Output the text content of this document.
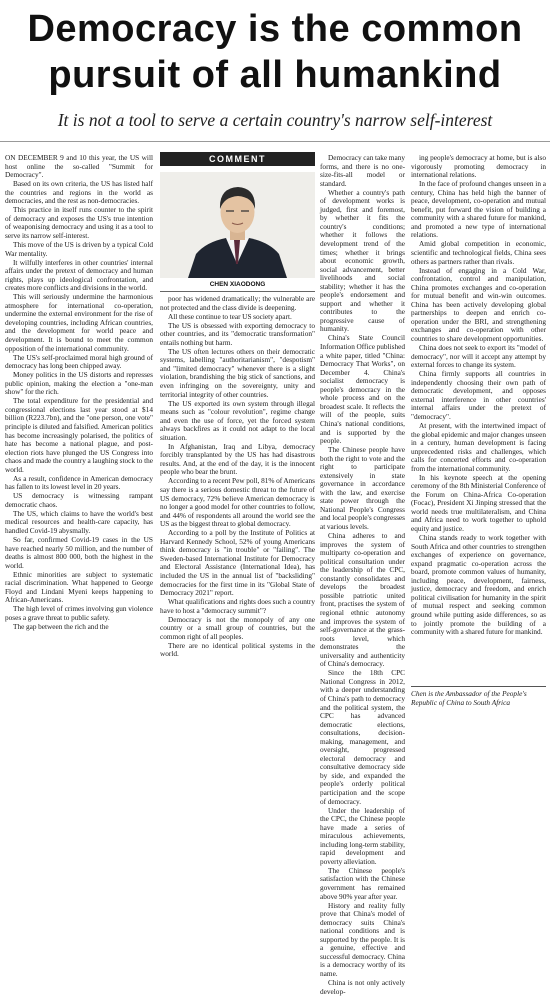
Democracy is the common
pursuit of all humankind
It is not a tool to serve a certain country's narrow self-interest

ON DECEMBER 9 and 10 this year, the US will host online the so-called "Summit for Democracy".

Based on its own criteria, the US has listed half the countries and regions in the world as democracies, and the rest as non-democracies.

This practice in itself runs counter to the spirit of democracy and exposes the US's true intention of weaponising democracy and using it as a tool to serve its narrow self-interest.

This move of the US is driven by a typical Cold War mentality.

It wilfully interferes in other countries' internal affairs under the pretext of democracy and human rights, plays up ideological confrontation, and creates more conflicts and divisions in the world.

This will seriously undermine the harmonious atmosphere for international co-operation, undermine the external environment for the rise of developing countries, including African countries, and the development for world peace and development. It is bound to meet the common opposition of the international community.

The US's self-proclaimed moral high ground of democracy has long been chipped away.

Money politics in the US distorts and represses public opinion, making the election a "one-man show" for the rich.

The total expenditure for the presidential and congressional elections last year stood at $14 billion (R223.7bn), and the "one person, one vote" principle is diluted and falsified. American politics has become increasingly polarised, the politics of hate has become a national plague, and post-election riots have plunged the US Congress into chaos and made the country a laughing stock to the world.

As a result, confidence in American democracy has fallen to its lowest level in 20 years.

US democracy is witnessing rampant democratic chaos.

The US, which claims to have the world's best medical resources and health-care capacity, has handled Covid-19 abysmally.

So far, confirmed Covid-19 cases in the US have reached nearly 50 million, and the number of deaths is almost 800 000, both the highest in the world.

Ethnic minorities are subject to systematic racial discrimination. What happened to George Floyd and Lindani Myeni keeps happening to African-Americans.

The high level of crimes involving gun violence poses a grave threat to public safety.

The gap between the rich and the

COMMENT
CHEN XIAODONG

poor has widened dramatically; the vulnerable are not protected and the class divide is deepening.

All these continue to tear US society apart.

The US is obsessed with exporting democracy to other countries, and its "democratic transformation" entails nothing but harm.

The US often lectures others on their democratic systems, labelling "authoritarianism", "despotism" and "limited democracy" whenever there is a slight violation, brandishing the big stick of sanctions, and even infringing on the sovereignty, unity and territorial integrity of other countries.

The US exported its own system through illegal means such as "colour revolution", regime change and even the use of force, yet the forced system always backfires as it could not adapt to the local situation.

In Afghanistan, Iraq and Libya, democracy forcibly transplanted by the US has had disastrous results. And, at the end of the day, it is the innocent people who bear the brunt.

According to a recent Pew poll, 81% of Americans say there is a serious domestic threat to the future of US democracy, 72% believe American democracy is no longer a good model for other countries to follow, and 44% of respondents all around the world see the US as the biggest threat to global democracy.

According to a poll by the Institute of Politics at Harvard Kennedy School, 52% of young Americans think democracy is "in trouble" or "failing". The Sweden-based International Institute for Democracy and Electoral Assistance (International Idea), has included the US in the annual list of "backsliding" democracies for the first time in its "Global State of Democracy 2021" report.

What qualifications and rights does such a country have to host a "democracy summit"?

Democracy is not the monopoly of any one country or a small group of countries, but the common right of all peoples.

There are no identical political systems in the world.

Democracy can take many forms, and there is no one-size-fits-all model or standard.

Whether a country's path of development works is judged, first and foremost, by whether it fits the country's conditions; whether it follows the development trend of the times; whether it brings about economic growth, social advancement, better livelihoods and social stability; whether it has the people's endorsement and support and whether it contributes to the progressive cause of humanity.

China's State Council Information Office published a white paper, titled "China: Democracy That Works", on December 4. China's socialist democracy is people's democracy in the whole process and on the broadest scale. It reflects the will of the people, suits China's national conditions, and is supported by the people.

The Chinese people have both the right to vote and the right to participate extensively in state governance in accordance with the law, and exercise state power through the National People's Congress and local people's congresses at various levels.

China adheres to and improves the system of multiparty co-operation and political consultation under the leadership of the CPC, constantly consolidates and develops the broadest possible patriotic united front, practises the system of regional ethnic autonomy and improves the system of self-governance at the grass-roots level, which demonstrates the universality and authenticity of China's democracy.

Since the 18th CPC National Congress in 2012, with a deeper understanding of China's path to democracy and the political system, the CPC has advanced democratic elections, consultations, decision-making, management, and oversight, progressed electoral democracy and consultative democracy side by side, and expanded the people's orderly political participation and the scope of democracy.

Under the leadership of the CPC, the Chinese people have made a series of miraculous achievements, including long-term stability, rapid development and poverty alleviation.

The Chinese people's satisfaction with the Chinese government has remained above 90% year after year.

History and reality fully prove that China's model of democracy suits China's national conditions and is supported by the people. It is a genuine, effective and successful democracy. China is a democracy worthy of its name.

China is not only actively develop-

ing people's democracy at home, but is also vigorously promoting democracy in international relations.

In the face of profound changes unseen in a century, China has held high the banner of peace, development, co-operation and mutual benefit, put forward the vision of building a community with a shared future for mankind, and promoted a new type of international relations.

Amid global competition in economic, scientific and technological fields, China sees others as partners rather than rivals.

Instead of engaging in a Cold War, confrontation, control and manipulation, China promotes exchanges and co-operation for mutual benefit and win-win outcomes. China has been actively developing global partnerships to deepen and enrich co-operation under the BRI, and strengthening exchanges and co-operation with other countries to share development opportunities.

China does not seek to export its "model of democracy", nor will it accept any attempt by external forces to change its system.

China firmly supports all countries in independently choosing their own path of democratic development, and opposes external interference in other countries' internal affairs under the pretext of "democracy".

At present, with the intertwined impact of the global epidemic and major changes unseen in a century, human development is facing unprecedented risks and challenges, which calls for concerted efforts and co-operation from the international community.

In his keynote speech at the opening ceremony of the 8th Ministerial Conference of the Forum on China-Africa Co-operation (Focac), President Xi Jinping stressed that the world needs true multilateralism, and China and Africa need to work together to uphold equity and justice.

China stands ready to work together with South Africa and other countries to strengthen exchanges of experience on governance, expand pragmatic co-operation across the board, promote common values of humanity, including peace, development, fairness, justice, democracy and freedom, and enrich political civilisation for humanity in the spirit of mutual respect and seeking common ground while putting aside differences, so as to jointly promote the building of a community with a shared future for mankind.

Chen is the Ambassador of the People's Republic of China to South Africa
